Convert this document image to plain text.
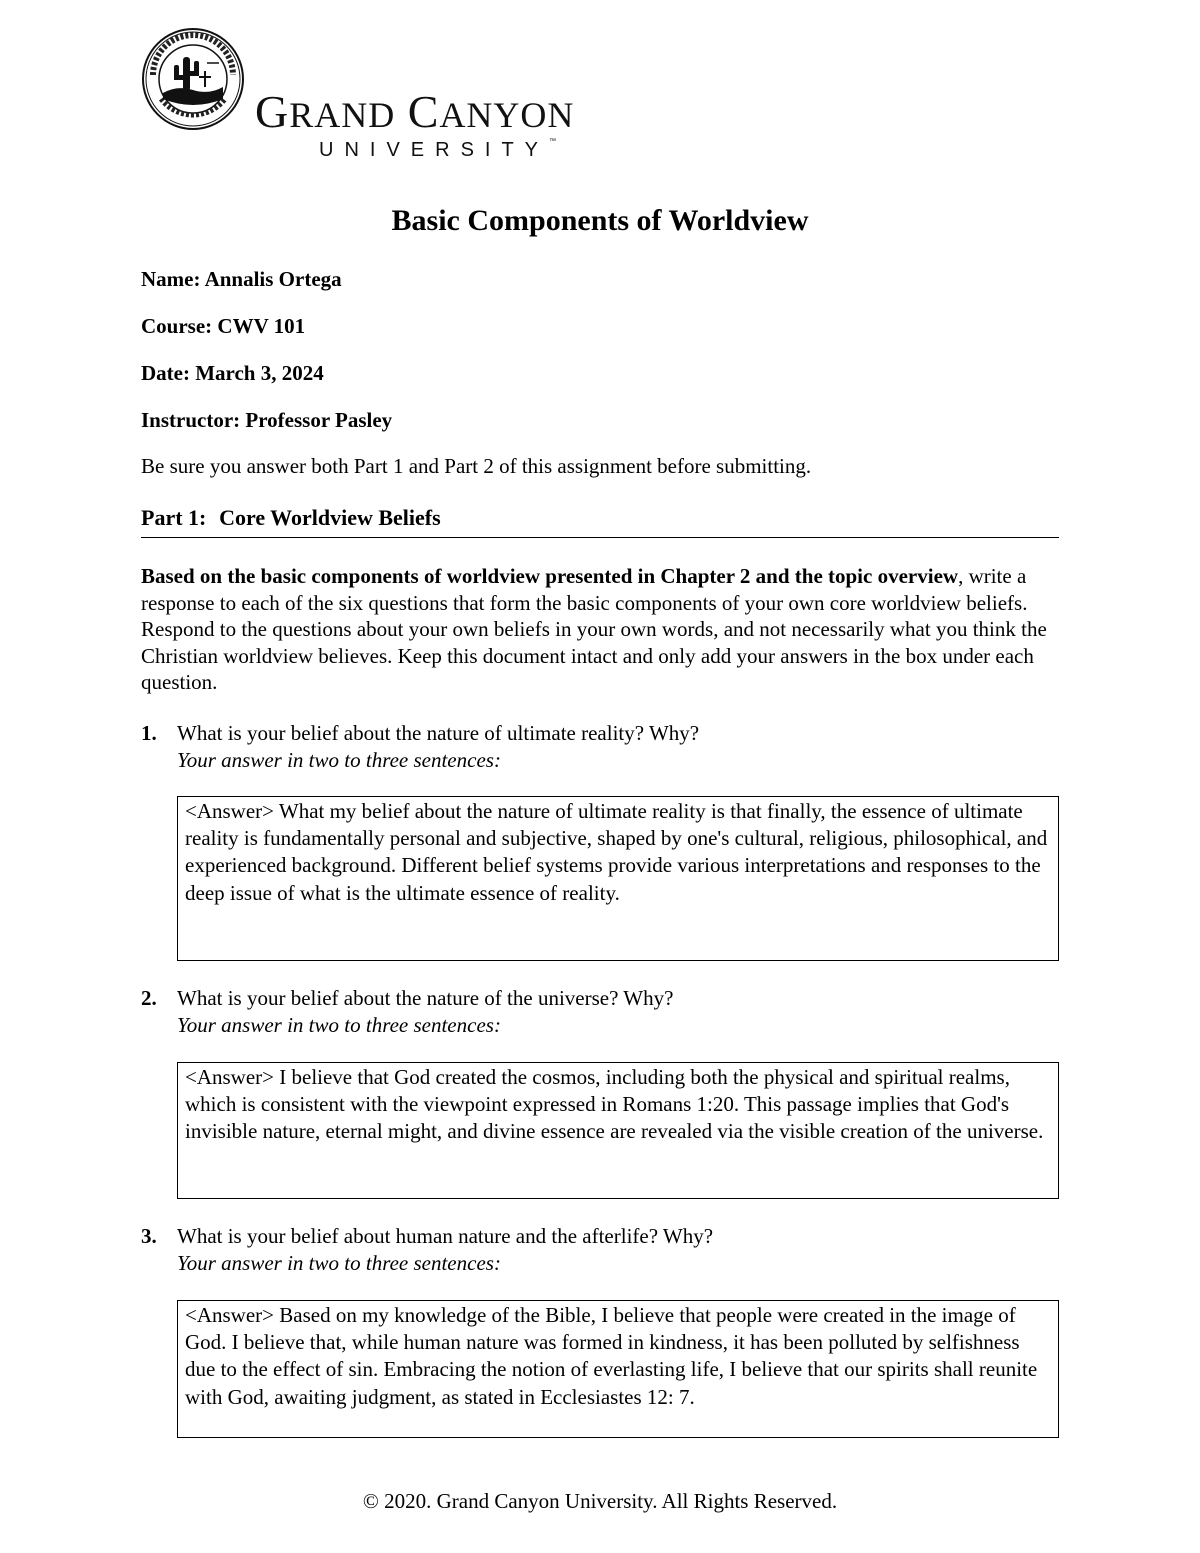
GRAND CANYON
UNIVERSITY™
Basic Components of Worldview
Name: Annalis Ortega
Course: CWV 101
Date: March 3, 2024
Instructor: Professor Pasley
Be sure you answer both Part 1 and Part 2 of this assignment before submitting.
Part 1: Core Worldview Beliefs
Based on the basic components of worldview presented in Chapter 2 and the topic overview, write a response to each of the six questions that form the basic components of your own core worldview beliefs. Respond to the questions about your own beliefs in your own words, and not necessarily what you think the Christian worldview believes. Keep this document intact and only add your answers in the box under each question.
1. What is your belief about the nature of ultimate reality? Why?
Your answer in two to three sentences:
<Answer> What my belief about the nature of ultimate reality is that finally, the essence of ultimate reality is fundamentally personal and subjective, shaped by one's cultural, religious, philosophical, and experienced background. Different belief systems provide various interpretations and responses to the deep issue of what is the ultimate essence of reality.
2. What is your belief about the nature of the universe? Why?
Your answer in two to three sentences:
<Answer> I believe that God created the cosmos, including both the physical and spiritual realms, which is consistent with the viewpoint expressed in Romans 1:20. This passage implies that God's invisible nature, eternal might, and divine essence are revealed via the visible creation of the universe.
3. What is your belief about human nature and the afterlife? Why?
Your answer in two to three sentences:
<Answer> Based on my knowledge of the Bible, I believe that people were created in the image of God. I believe that, while human nature was formed in kindness, it has been polluted by selfishness due to the effect of sin. Embracing the notion of everlasting life, I believe that our spirits shall reunite with God, awaiting judgment, as stated in Ecclesiastes 12: 7.
© 2020. Grand Canyon University. All Rights Reserved.
